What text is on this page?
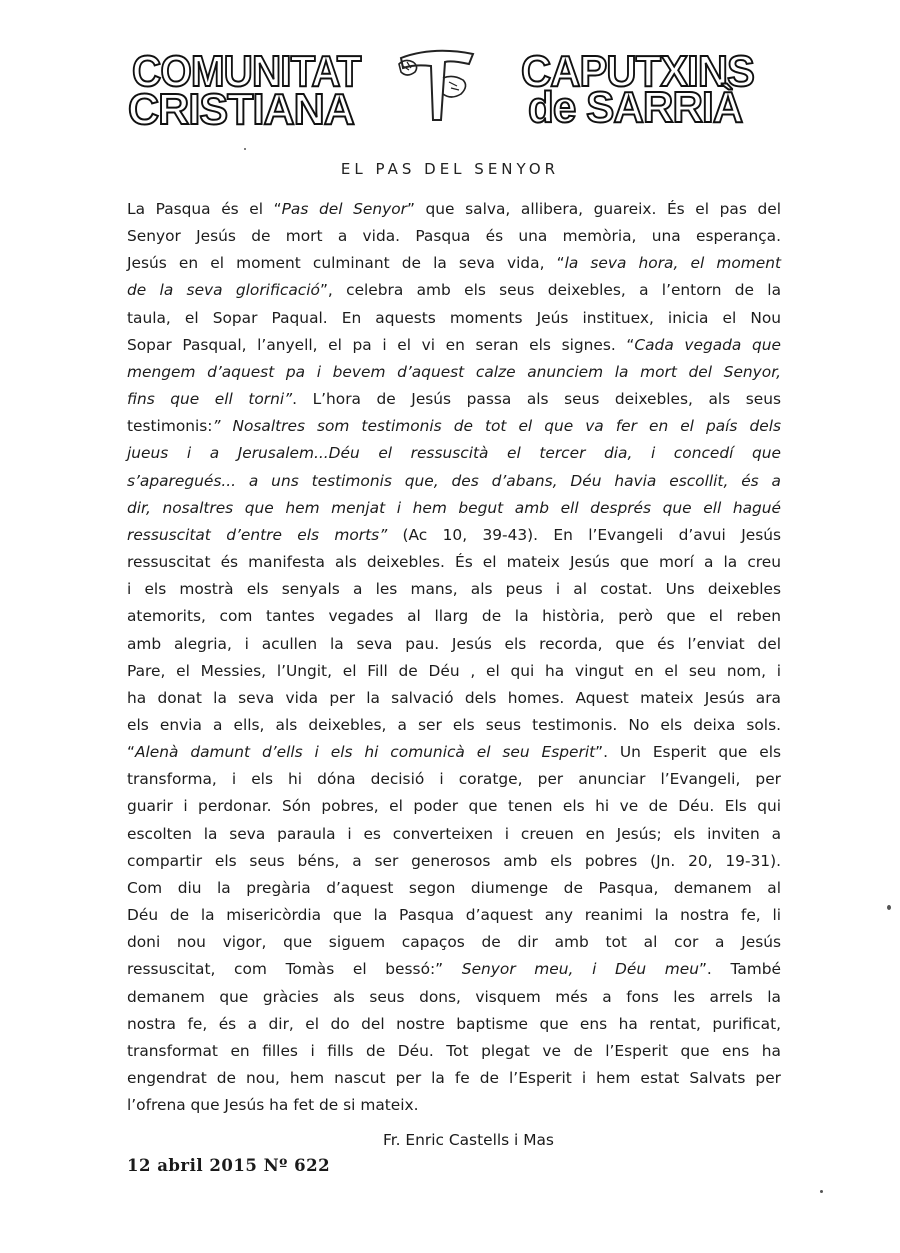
COMUNITAT
CRISTIANA
CAPUTXINS
de SARRIÀ
EL PAS DEL SENYOR
La Pasqua és el “Pas del Senyor” que salva, allibera, guareix. És el pas del
Senyor Jesús de mort a vida. Pasqua és una memòria, una esperança.
Jesús en el moment culminant de la seva vida, “la seva hora, el moment
de la seva glorificació”, celebra amb els seus deixebles, a l’entorn de la
taula, el Sopar Paqual. En aquests moments Jeús instituex, inicia el Nou
Sopar Pasqual, l’anyell, el pa i el vi en seran els signes. “Cada vegada que
mengem d’aquest pa i bevem d’aquest calze anunciem la mort del Senyor,
fins que ell torni”. L’hora de Jesús passa als seus deixebles, als seus
testimonis:” Nosaltres som testimonis de tot el que va fer en el país dels
jueus i a Jerusalem...Déu el ressuscità el tercer dia, i concedí que
s’aparegués... a uns testimonis que, des d’abans, Déu havia escollit, és a
dir, nosaltres que hem menjat i hem begut amb ell després que ell hagué
ressuscitat d’entre els morts” (Ac 10, 39-43). En l’Evangeli d’avui Jesús
ressuscitat és manifesta als deixebles. És el mateix Jesús que morí a la creu
i els mostrà els senyals a les mans, als peus i al costat. Uns deixebles
atemorits, com tantes vegades al llarg de la història, però que el reben
amb alegria, i acullen la seva pau. Jesús els recorda, que és l’enviat del
Pare, el Messies, l’Ungit, el Fill de Déu , el qui ha vingut en el seu nom, i
ha donat la seva vida per la salvació dels homes. Aquest mateix Jesús ara
els envia a ells, als deixebles, a ser els seus testimonis. No els deixa sols.
“Alenà damunt d’ells i els hi comunicà el seu Esperit”. Un Esperit que els
transforma, i els hi dóna decisió i coratge, per anunciar l’Evangeli, per
guarir i perdonar. Són pobres, el poder que tenen els hi ve de Déu. Els qui
escolten la seva paraula i es converteixen i creuen en Jesús; els inviten a
compartir els seus béns, a ser generosos amb els pobres (Jn. 20, 19-31).
Com diu la pregària d’aquest segon diumenge de Pasqua, demanem al
Déu de la misericòrdia que la Pasqua d’aquest any reanimi la nostra fe, li
doni nou vigor, que siguem capaços de dir amb tot al cor a Jesús
ressuscitat, com Tomàs el bessó:” Senyor meu, i Déu meu”. També
demanem que gràcies als seus dons, visquem més a fons les arrels la
nostra fe, és a dir, el do del nostre baptisme que ens ha rentat, purificat,
transformat en filles i fills de Déu. Tot plegat ve de l’Esperit que ens ha
engendrat de nou, hem nascut per la fe de l’Esperit i hem estat Salvats per
l’ofrena que Jesús ha fet de si mateix.
Fr. Enric Castells i Mas
12 abril 2015 Nº 622
